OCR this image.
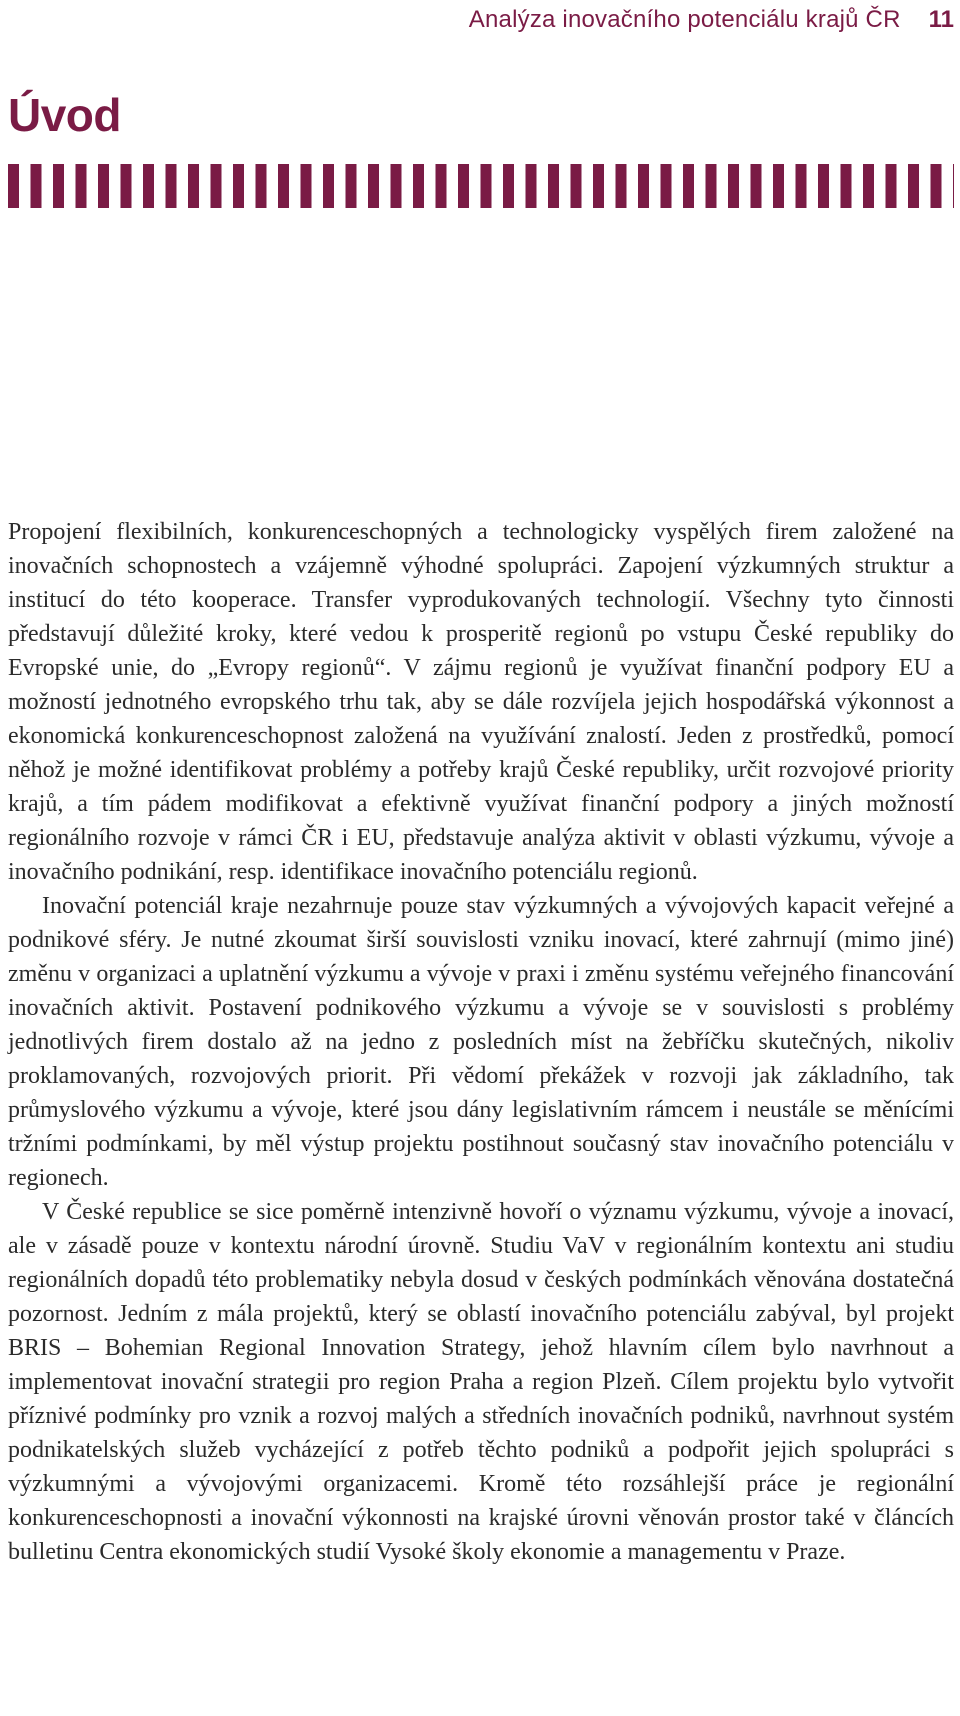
Analýza inovačního potenciálu krajů ČR 11
Úvod

Propojení flexibilních, konkurenceschopných a technologicky vyspělých firem založené na inovačních schopnostech a vzájemně výhodné spolupráci. Zapojení výzkumných struktur a institucí do této kooperace. Transfer vyprodukovaných technologií. Všechny tyto činnosti představují důležité kroky, které vedou k prosperitě regionů po vstupu České republiky do Evropské unie, do „Evropy regionů“. V zájmu regionů je využívat finanční podpory EU a možností jednotného evropského trhu tak, aby se dále rozvíjela jejich hospodářská výkonnost a ekonomická konkurenceschopnost založená na využívání znalostí. Jeden z prostředků, pomocí něhož je možné identifikovat problémy a potřeby krajů České republiky, určit rozvojové priority krajů, a tím pádem modifikovat a efektivně využívat finanční podpory a jiných možností regionálního rozvoje v rámci ČR i EU, představuje analýza aktivit v oblasti výzkumu, vývoje a inovačního podnikání, resp. identifikace inovačního potenciálu regionů.

Inovační potenciál kraje nezahrnuje pouze stav výzkumných a vývojových kapacit veřejné a podnikové sféry. Je nutné zkoumat širší souvislosti vzniku inovací, které zahrnují (mimo jiné) změnu v organizaci a uplatnění výzkumu a vývoje v praxi i změnu systému veřejného financování inovačních aktivit. Postavení podnikového výzkumu a vývoje se v souvislosti s problémy jednotlivých firem dostalo až na jedno z posledních míst na žebříčku skutečných, nikoliv proklamovaných, rozvojových priorit. Při vědomí překážek v rozvoji jak základního, tak průmyslového výzkumu a vývoje, které jsou dány legislativním rámcem i neustále se měnícími tržními podmínkami, by měl výstup projektu postihnout současný stav inovačního potenciálu v regionech.

V České republice se sice poměrně intenzivně hovoří o významu výzkumu, vývoje a inovací, ale v zásadě pouze v kontextu národní úrovně. Studiu VaV v regionálním kontextu ani studiu regionálních dopadů této problematiky nebyla dosud v českých podmínkách věnována dostatečná pozornost. Jedním z mála projektů, který se oblastí inovačního potenciálu zabýval, byl projekt BRIS – Bohemian Regional Innovation Strategy, jehož hlavním cílem bylo navrhnout a implementovat inovační strategii pro region Praha a region Plzeň. Cílem projektu bylo vytvořit příznivé podmínky pro vznik a rozvoj malých a středních inovačních podniků, navrhnout systém podnikatelských služeb vycházející z potřeb těchto podniků a podpořit jejich spolupráci s výzkumnými a vývojovými organizacemi. Kromě této rozsáhlejší práce je regionální konkurenceschopnosti a inovační výkonnosti na krajské úrovni věnován prostor také v článcích bulletinu Centra ekonomických studií Vysoké školy ekonomie a managementu v Praze.
